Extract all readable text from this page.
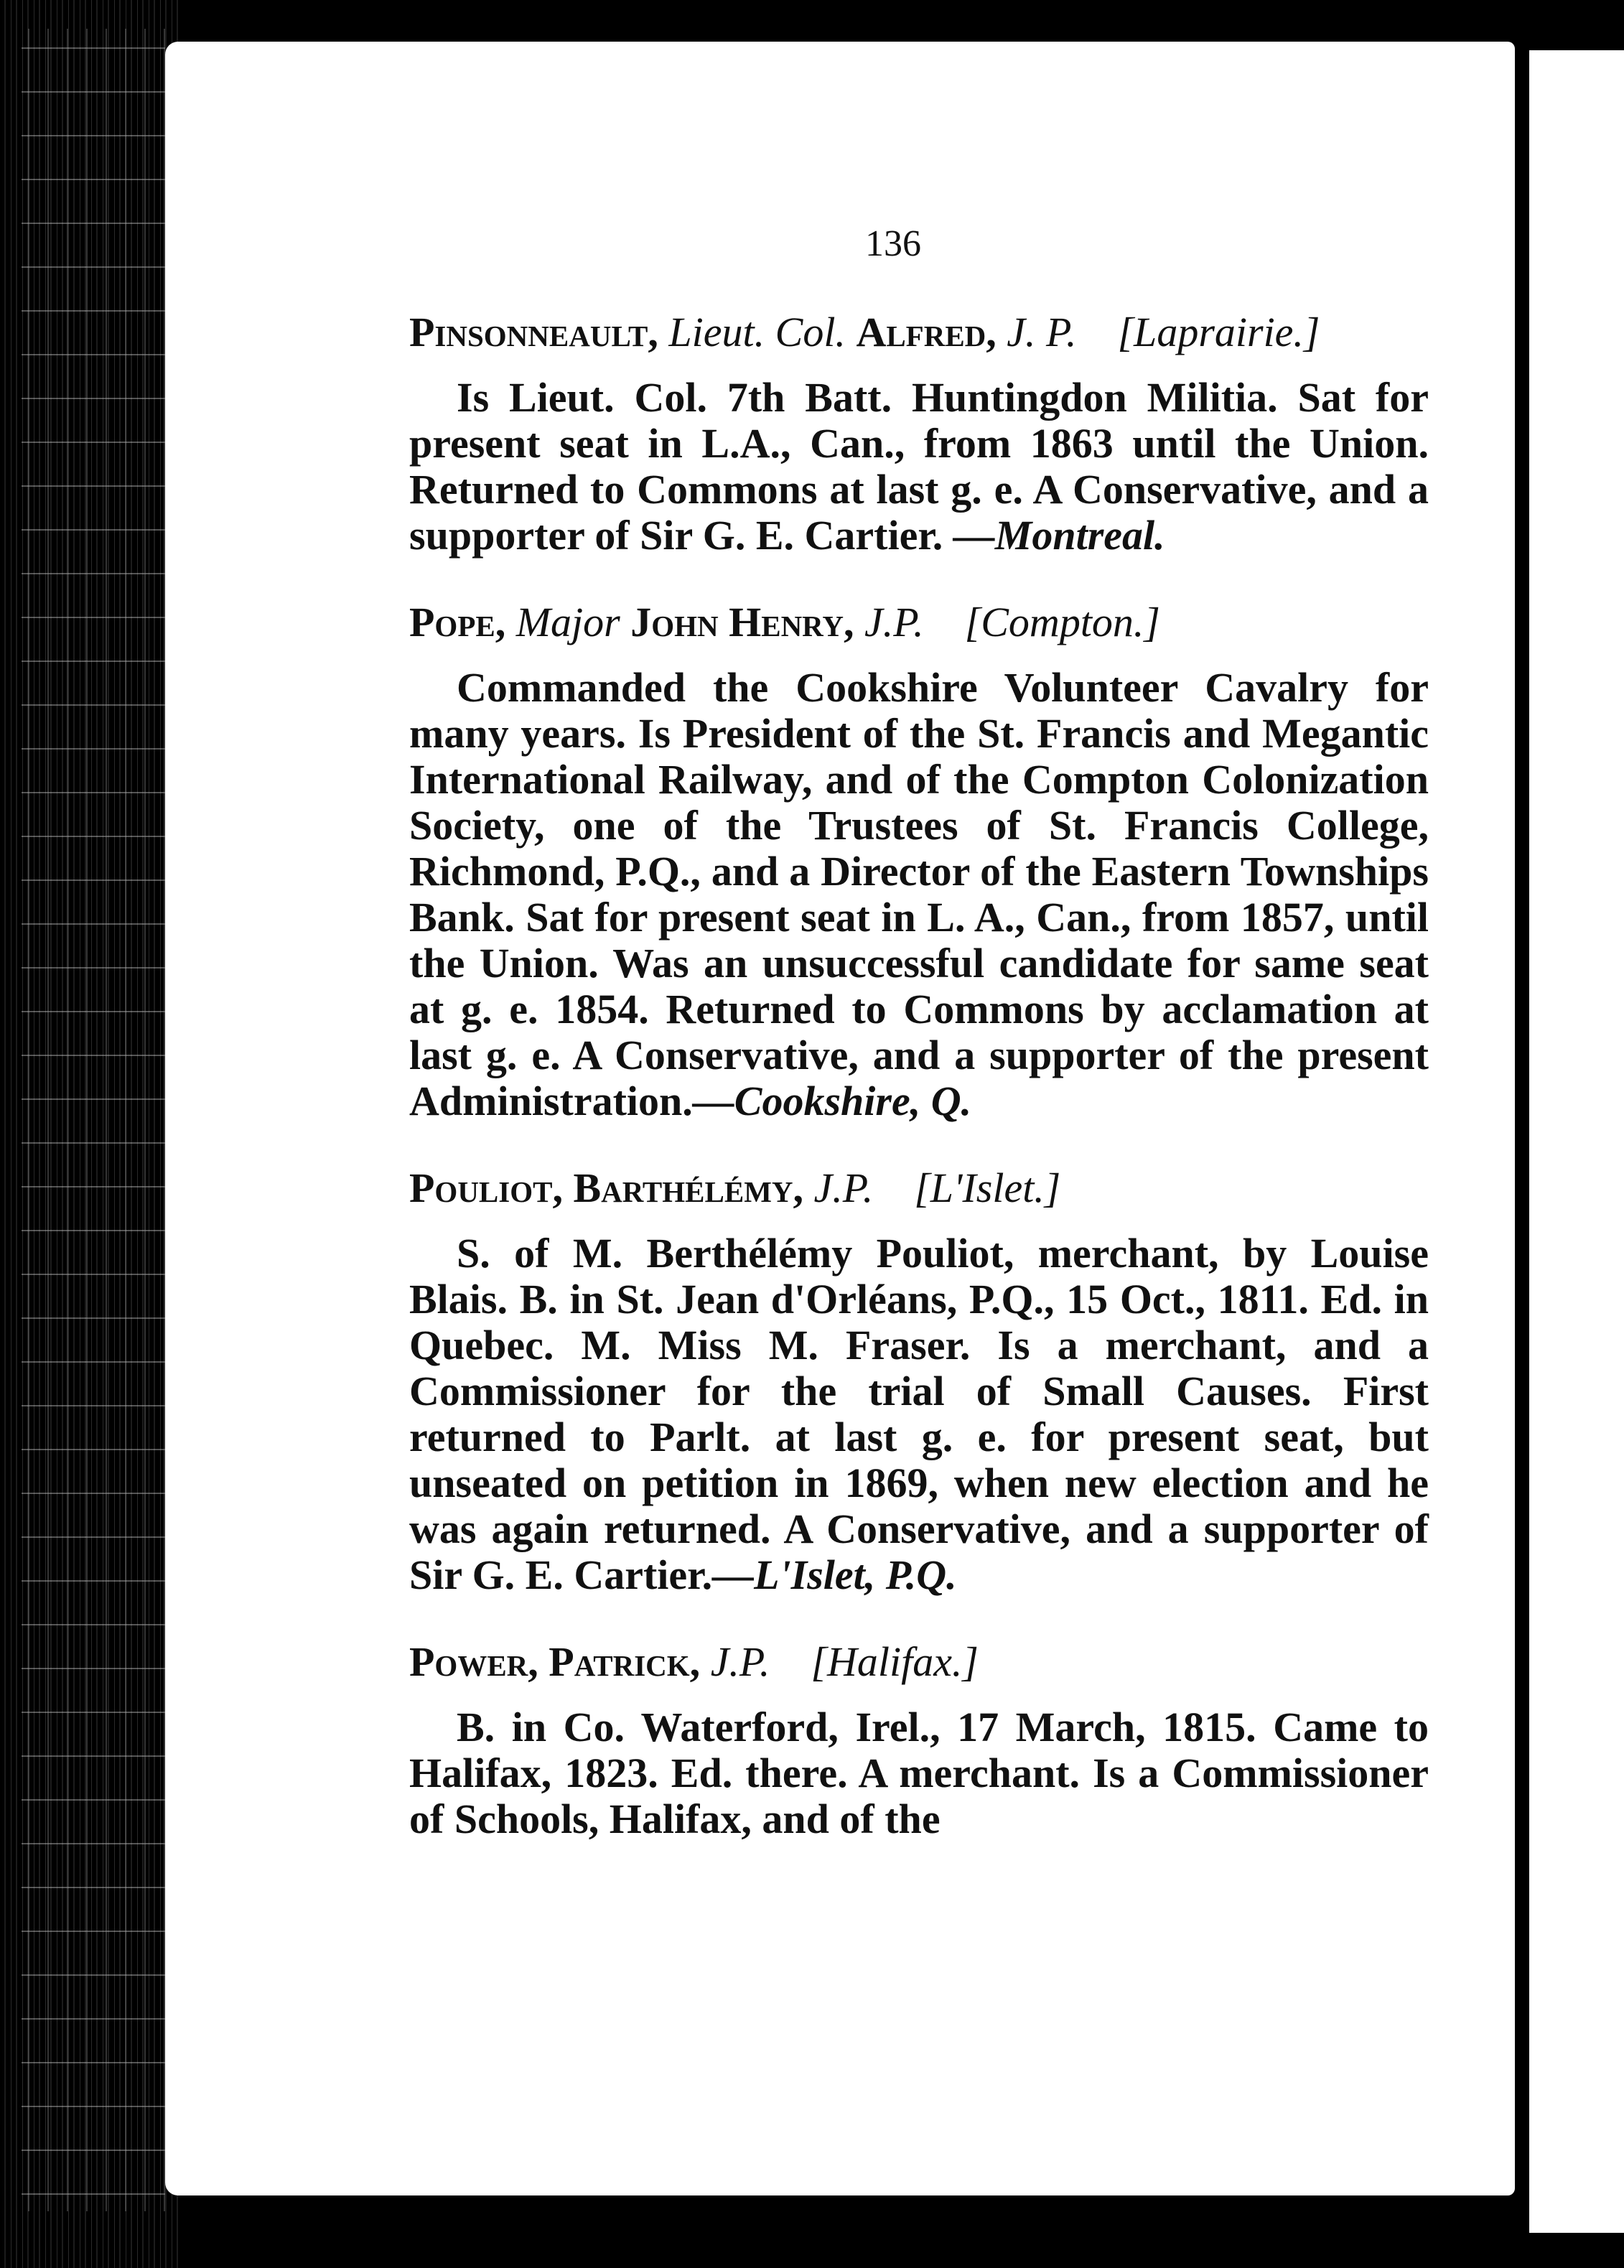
136
Pinsonneault, Lieut. Col. Alfred, J. P. [Laprairie.]
Is Lieut. Col. 7th Batt. Huntingdon Militia. Sat for present seat in L.A., Can., from 1863 until the Union. Returned to Commons at last g. e. A Conservative, and a supporter of Sir G. E. Cartier. —Montreal.
Pope, Major John Henry, J.P. [Compton.]
Commanded the Cookshire Volunteer Cavalry for many years. Is President of the St. Francis and Megantic International Railway, and of the Compton Colonization Society, one of the Trustees of St. Francis College, Richmond, P.Q., and a Director of the Eastern Townships Bank. Sat for present seat in L. A., Can., from 1857, until the Union. Was an unsuccessful candidate for same seat at g. e. 1854. Returned to Commons by acclamation at last g. e. A Conservative, and a supporter of the present Administration.—Cookshire, Q.
Pouliot, Barthélémy, J.P. [L'Islet.]
S. of M. Berthélémy Pouliot, merchant, by Louise Blais. B. in St. Jean d'Orléans, P.Q., 15 Oct., 1811. Ed. in Quebec. M. Miss M. Fraser. Is a merchant, and a Commissioner for the trial of Small Causes. First returned to Parlt. at last g. e. for present seat, but unseated on petition in 1869, when new election and he was again returned. A Conservative, and a supporter of Sir G. E. Cartier.—L'Islet, P.Q.
Power, Patrick, J.P. [Halifax.]
B. in Co. Waterford, Irel., 17 March, 1815. Came to Halifax, 1823. Ed. there. A merchant. Is a Commissioner of Schools, Halifax, and of the
